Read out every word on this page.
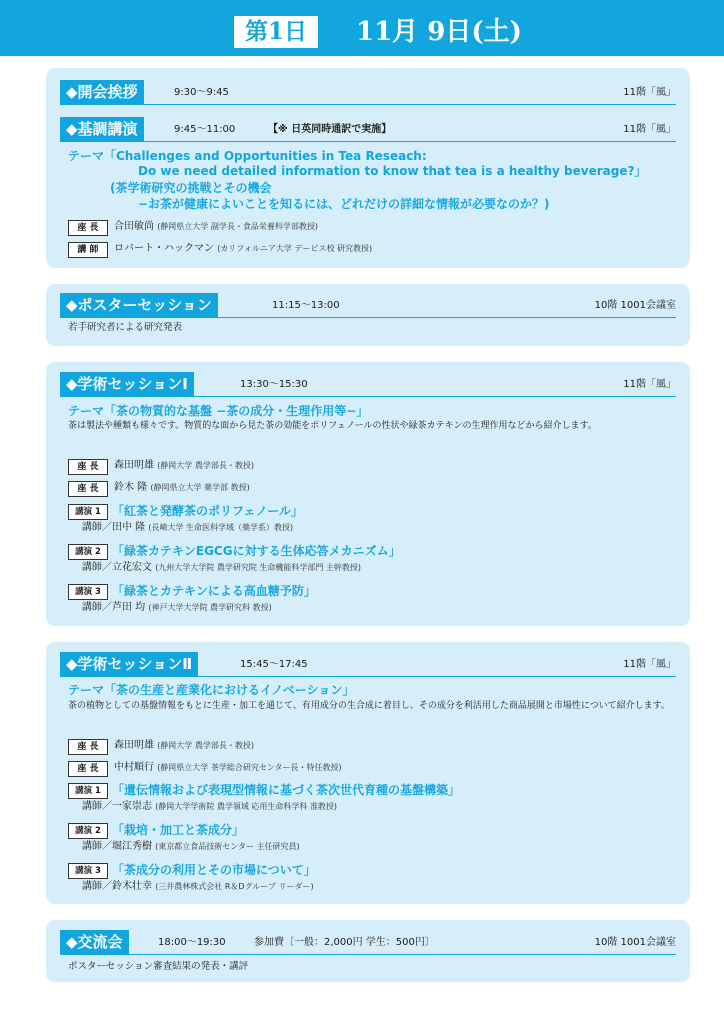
第1日	11月 9日(土)
◆開会挨拶	9:30〜9:45	11階「風」
◆基調講演	9:45〜11:00	【※ 日英同時通訳で実施】	11階「風」
テーマ「Challenges and Opportunities in Tea Reseach:
Do we need detailed information to know that tea is a healthy beverage?」
(茶学術研究の挑戦とその機会
−お茶が健康によいことを知るには、どれだけの詳細な情報が必要なのか？)
座 長	合田敏尚 (静岡県立大学 副学長・食品栄養科学部教授)
講 師	ロバート・ハックマン (カリフォルニア大学 デービス校 研究教授)
◆ポスターセッション	11:15〜13:00	10階 1001会議室
若手研究者による研究発表
◆学術セッションⅠ	13:30〜15:30	11階「風」
テーマ「茶の物質的な基盤 −茶の成分・生理作用等−」
茶は製法や種類も様々です。物質的な面から見た茶の効能をポリフェノールの性状や緑茶カテキンの生理作用などから紹介します。
座 長	森田明雄 (静岡大学 農学部長・教授)
座 長	鈴木 隆 (静岡県立大学 薬学部 教授)
講演 1 「紅茶と発酵茶のポリフェノール」
講師／田中 隆 (長崎大学 生命医科学域（薬学系）教授)
講演 2 「緑茶カテキンEGCGに対する生体応答メカニズム」
講師／立花宏文 (九州大学大学院 農学研究院 生命機能科学部門 主幹教授)
講演 3 「緑茶とカテキンによる高血糖予防」
講師／芦田 均 (神戸大学大学院 農学研究科 教授)
◆学術セッションⅡ	15:45〜17:45	11階「風」
テーマ「茶の生産と産業化におけるイノベーション」
茶の植物としての基盤情報をもとに生産・加工を通じて、有用成分の生合成に着目し、その成分を利活用した商品展開と市場性について紹介します。
座 長	森田明雄 (静岡大学 農学部長・教授)
座 長	中村順行 (静岡県立大学 茶学総合研究センター長・特任教授)
講演 1 「遺伝情報および表現型情報に基づく茶次世代育種の基盤構築」
講師／一家崇志 (静岡大学学術院 農学領域 応用生命科学科 准教授)
講演 2 「栽培・加工と茶成分」
講師／堀江秀樹 (東京都立食品技術センター 主任研究員)
講演 3 「茶成分の利用とその市場について」
講師／鈴木壮幸 (三井農林株式会社 R＆Dグループ リーダー)
◆交流会	18:00〜19:30	参加費〔一般：2,000円 学生：500円〕	10階 1001会議室
ポスターセッション審査結果の発表・講評
